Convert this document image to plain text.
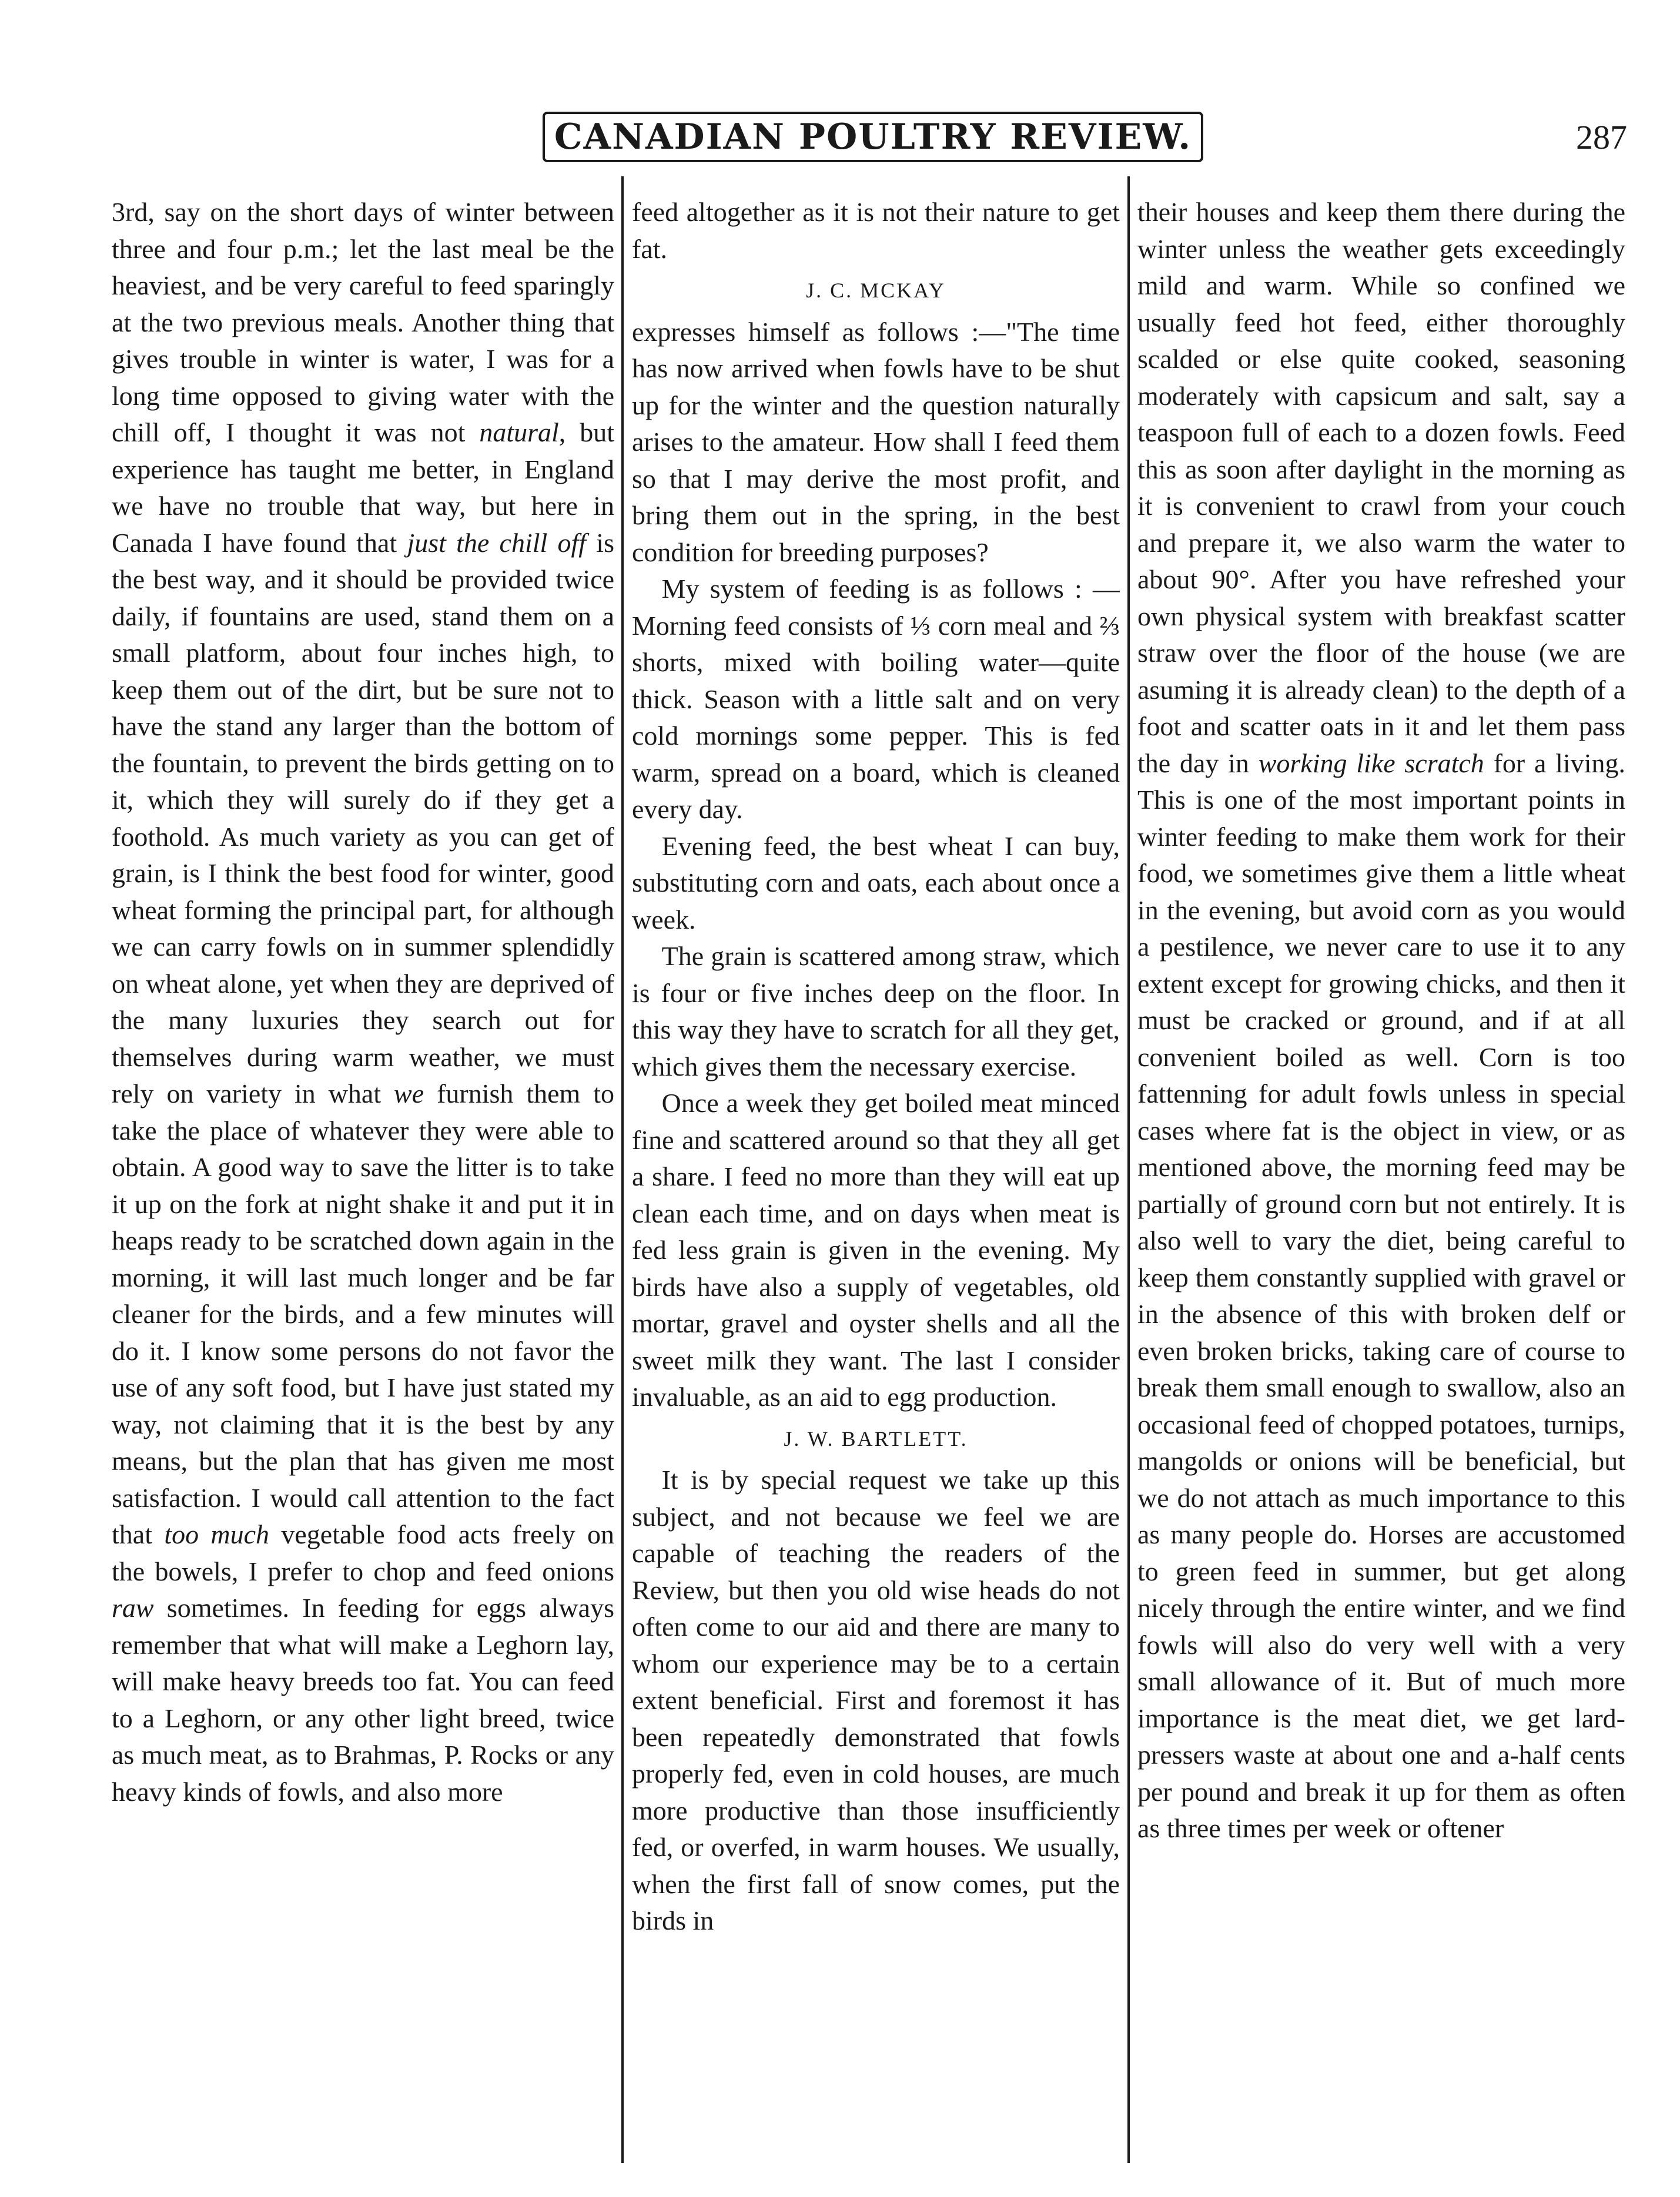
CANADIAN POULTRY REVIEW.	287

3rd, say on the short days of winter between three and four p.m.; let the last meal be the heaviest, and be very careful to feed sparingly at the two previous meals. Another thing that gives trouble in winter is water, I was for a long time opposed to giving water with the chill off, I thought it was not natural, but experience has taught me better, in England we have no trouble that way, but here in Canada I have found that just the chill off is the best way, and it should be provided twice daily, if fountains are used, stand them on a small platform, about four inches high, to keep them out of the dirt, but be sure not to have the stand any larger than the bottom of the fountain, to prevent the birds getting on to it, which they will surely do if they get a foothold. As much variety as you can get of grain, is I think the best food for winter, good wheat forming the principal part, for although we can carry fowls on in summer splendidly on wheat alone, yet when they are deprived of the many luxuries they search out for themselves during warm weather, we must rely on variety in what we furnish them to take the place of whatever they were able to obtain. A good way to save the litter is to take it up on the fork at night shake it and put it in heaps ready to be scratched down again in the morning, it will last much longer and be far cleaner for the birds, and a few minutes will do it. I know some persons do not favor the use of any soft food, but I have just stated my way, not claiming that it is the best by any means, but the plan that has given me most satisfaction. I would call attention to the fact that too much vegetable food acts freely on the bowels, I prefer to chop and feed onions raw sometimes. In feeding for eggs always remember that what will make a Leghorn lay, will make heavy breeds too fat. You can feed to a Leghorn, or any other light breed, twice as much meat, as to Brahmas, P. Rocks or any heavy kinds of fowls, and also more

feed altogether as it is not their nature to get fat.

J. C. MCKAY

expresses himself as follows :—"The time has now arrived when fowls have to be shut up for the winter and the question naturally arises to the amateur. How shall I feed them so that I may derive the most profit, and bring them out in the spring, in the best condition for breeding purposes?

My system of feeding is as follows : —Morning feed consists of ⅓ corn meal and ⅔ shorts, mixed with boiling water—quite thick. Season with a little salt and on very cold mornings some pepper. This is fed warm, spread on a board, which is cleaned every day.

Evening feed, the best wheat I can buy, substituting corn and oats, each about once a week.

The grain is scattered among straw, which is four or five inches deep on the floor. In this way they have to scratch for all they get, which gives them the necessary exercise.

Once a week they get boiled meat minced fine and scattered around so that they all get a share. I feed no more than they will eat up clean each time, and on days when meat is fed less grain is given in the evening. My birds have also a supply of vegetables, old mortar, gravel and oyster shells and all the sweet milk they want. The last I consider invaluable, as an aid to egg production.

J. W. BARTLETT.

It is by special request we take up this subject, and not because we feel we are capable of teaching the readers of the Review, but then you old wise heads do not often come to our aid and there are many to whom our experience may be to a certain extent beneficial. First and foremost it has been repeatedly demonstrated that fowls properly fed, even in cold houses, are much more productive than those insufficiently fed, or overfed, in warm houses. We usually, when the first fall of snow comes, put the birds in

their houses and keep them there during the winter unless the weather gets exceedingly mild and warm. While so confined we usually feed hot feed, either thoroughly scalded or else quite cooked, seasoning moderately with capsicum and salt, say a teaspoon full of each to a dozen fowls. Feed this as soon after daylight in the morning as it is convenient to crawl from your couch and prepare it, we also warm the water to about 90°. After you have refreshed your own physical system with breakfast scatter straw over the floor of the house (we are asuming it is already clean) to the depth of a foot and scatter oats in it and let them pass the day in working like scratch for a living. This is one of the most important points in winter feeding to make them work for their food, we sometimes give them a little wheat in the evening, but avoid corn as you would a pestilence, we never care to use it to any extent except for growing chicks, and then it must be cracked or ground, and if at all convenient boiled as well. Corn is too fattenning for adult fowls unless in special cases where fat is the object in view, or as mentioned above, the morning feed may be partially of ground corn but not entirely. It is also well to vary the diet, being careful to keep them constantly supplied with gravel or in the absence of this with broken delf or even broken bricks, taking care of course to break them small enough to swallow, also an occasional feed of chopped potatoes, turnips, mangolds or onions will be beneficial, but we do not attach as much importance to this as many people do. Horses are accustomed to green feed in summer, but get along nicely through the entire winter, and we find fowls will also do very well with a very small allowance of it. But of much more importance is the meat diet, we get lard-pressers waste at about one and a-half cents per pound and break it up for them as often as three times per week or oftener
